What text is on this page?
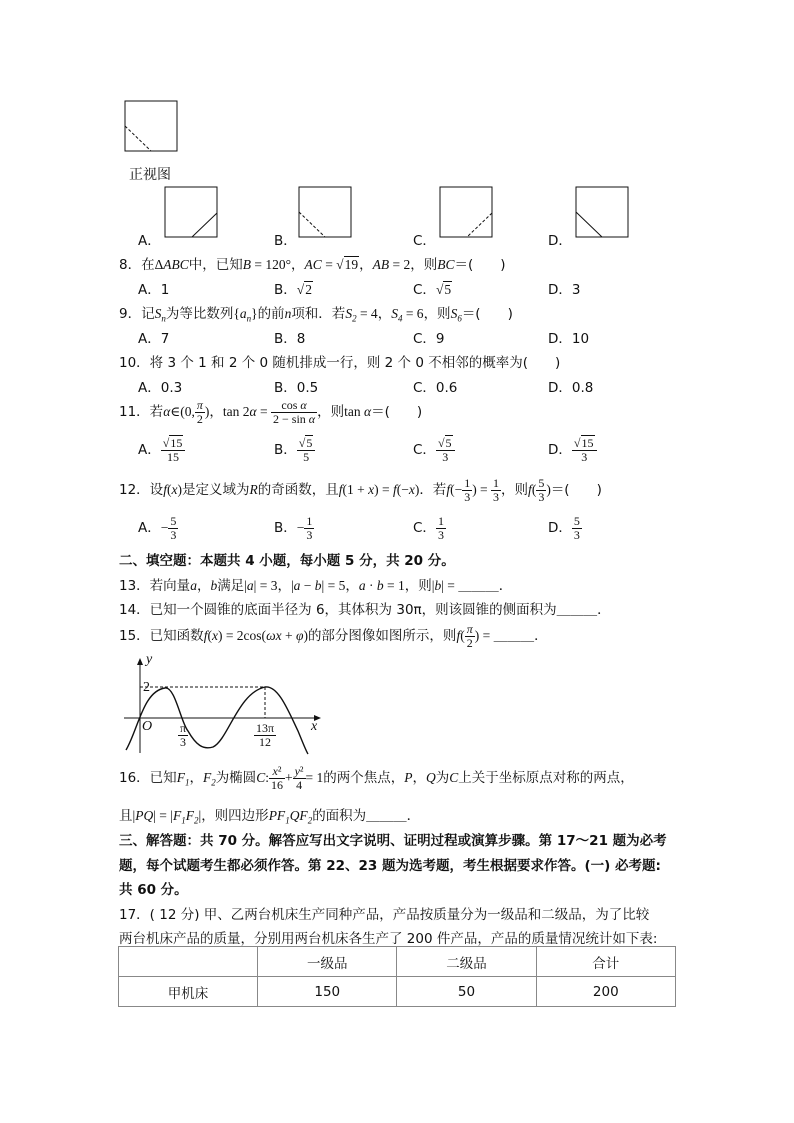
正视图
A．	B．	C．	D．
8．在ΔABC中，已知B = 120°，AC = √19，AB = 2，则BC＝(　　)
A．1	B．√2	C．√5	D．3
9．记$S_n$为等比数列$\{a_n\}$的前n项和．若$S_2 = 4$，$S_4 = 6$，则$S_6=$(　　)
A．7	B．8	C．9	D．10
10．将 3 个 1 和 2 个 0 随机排成一行，则 2 个 0 不相邻的概率为(　　)
A．0.3	B．0.5	C．0.6	D．0.8
11．若α∈(0, $\frac{\pi}{2}$ )，$\tan 2\alpha = \frac{\text{cos α}}{\text{2 − sin α}}$ ，则tan α＝(　　)
A． $\frac{√15}{15}$	B． $\frac{√5}{5}$	C． $\frac{√5}{3}$	D． $\frac{√15}{3}$
12．设f(x)是定义域为R的奇函数，且f(1 + x) = f(−x)．若$f(- \frac{1}{3}$ ) = $\frac{1}{3}$ ，则$f( \frac{5}{3}$ )＝(　　)
A．− $\frac{5}{3}$	B．− $\frac{1}{3}$	C． $\frac{1}{3}$	D． $\frac{5}{3}$
二、填空题：本题共 4 小题，每小题 5 分，共 20 分。
13．若向量a，b满足|a| = 3，|a − b| = 5，a · b = 1，则|b| = ＿＿＿．
14．已知一个圆锥的底面半径为 6，其体积为 30π，则该圆锥的侧面积为＿＿＿．
15．已知函数f(x) = 2cos(ωx + φ)的部分图像如图所示，则$f( \frac{\pi}{2}$ ) = ＿＿＿．
y
2
O	x
$\frac{\pi}{3}$	$\frac{13\pi}{12}$
16．已知$F_1$，$F_2$为椭圆C: $\frac{\text{x²}}{16} + \frac{\text{y²}}{4} = 1$的两个焦点，P，Q为C上关于坐标原点对称的两点，
且$|PQ| = |F_1F_2|$，则四边形$PF_1QF_2$的面积为＿＿＿．
三、解答题：共 70 分。解答应写出文字说明、证明过程或演算步骤。第 17～21 题为必考
题，每个试题考生都必须作答。第 22、23 题为选考题，考生根据要求作答。(一) 必考题:
共 60 分。
17．( 12 分) 甲、乙两台机床生产同种产品，产品按质量分为一级品和二级品，为了比较
两台机床产品的质量，分别用两台机床各生产了 200 件产品，产品的质量情况统计如下表:
	一级品	二级品	合计
甲机床	150	50	200
